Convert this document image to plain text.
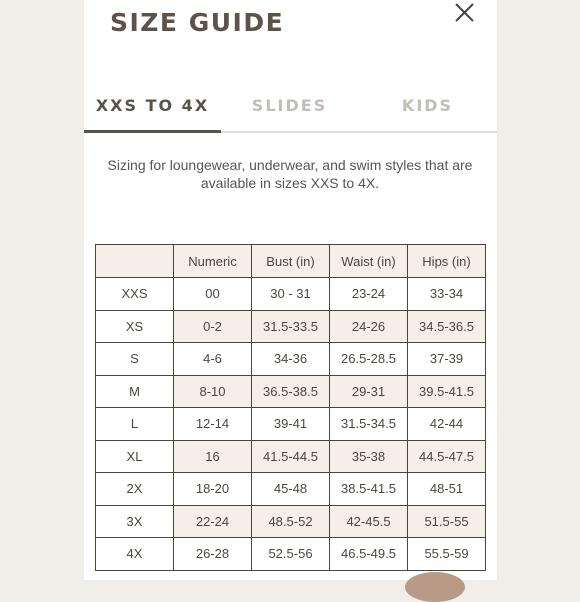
SIZE GUIDE
XXS TO 4X	SLIDES	KIDS
Sizing for loungewear, underwear, and swim styles that are available in sizes XXS to 4X.
	Numeric	Bust (in)	Waist (in)	Hips (in)
XXS	00	30 - 31	23-24	33-34
XS	0-2	31.5-33.5	24-26	34.5-36.5
S	4-6	34-36	26.5-28.5	37-39
M	8-10	36.5-38.5	29-31	39.5-41.5
L	12-14	39-41	31.5-34.5	42-44
XL	16	41.5-44.5	35-38	44.5-47.5
2X	18-20	45-48	38.5-41.5	48-51
3X	22-24	48.5-52	42-45.5	51.5-55
4X	26-28	52.5-56	46.5-49.5	55.5-59
